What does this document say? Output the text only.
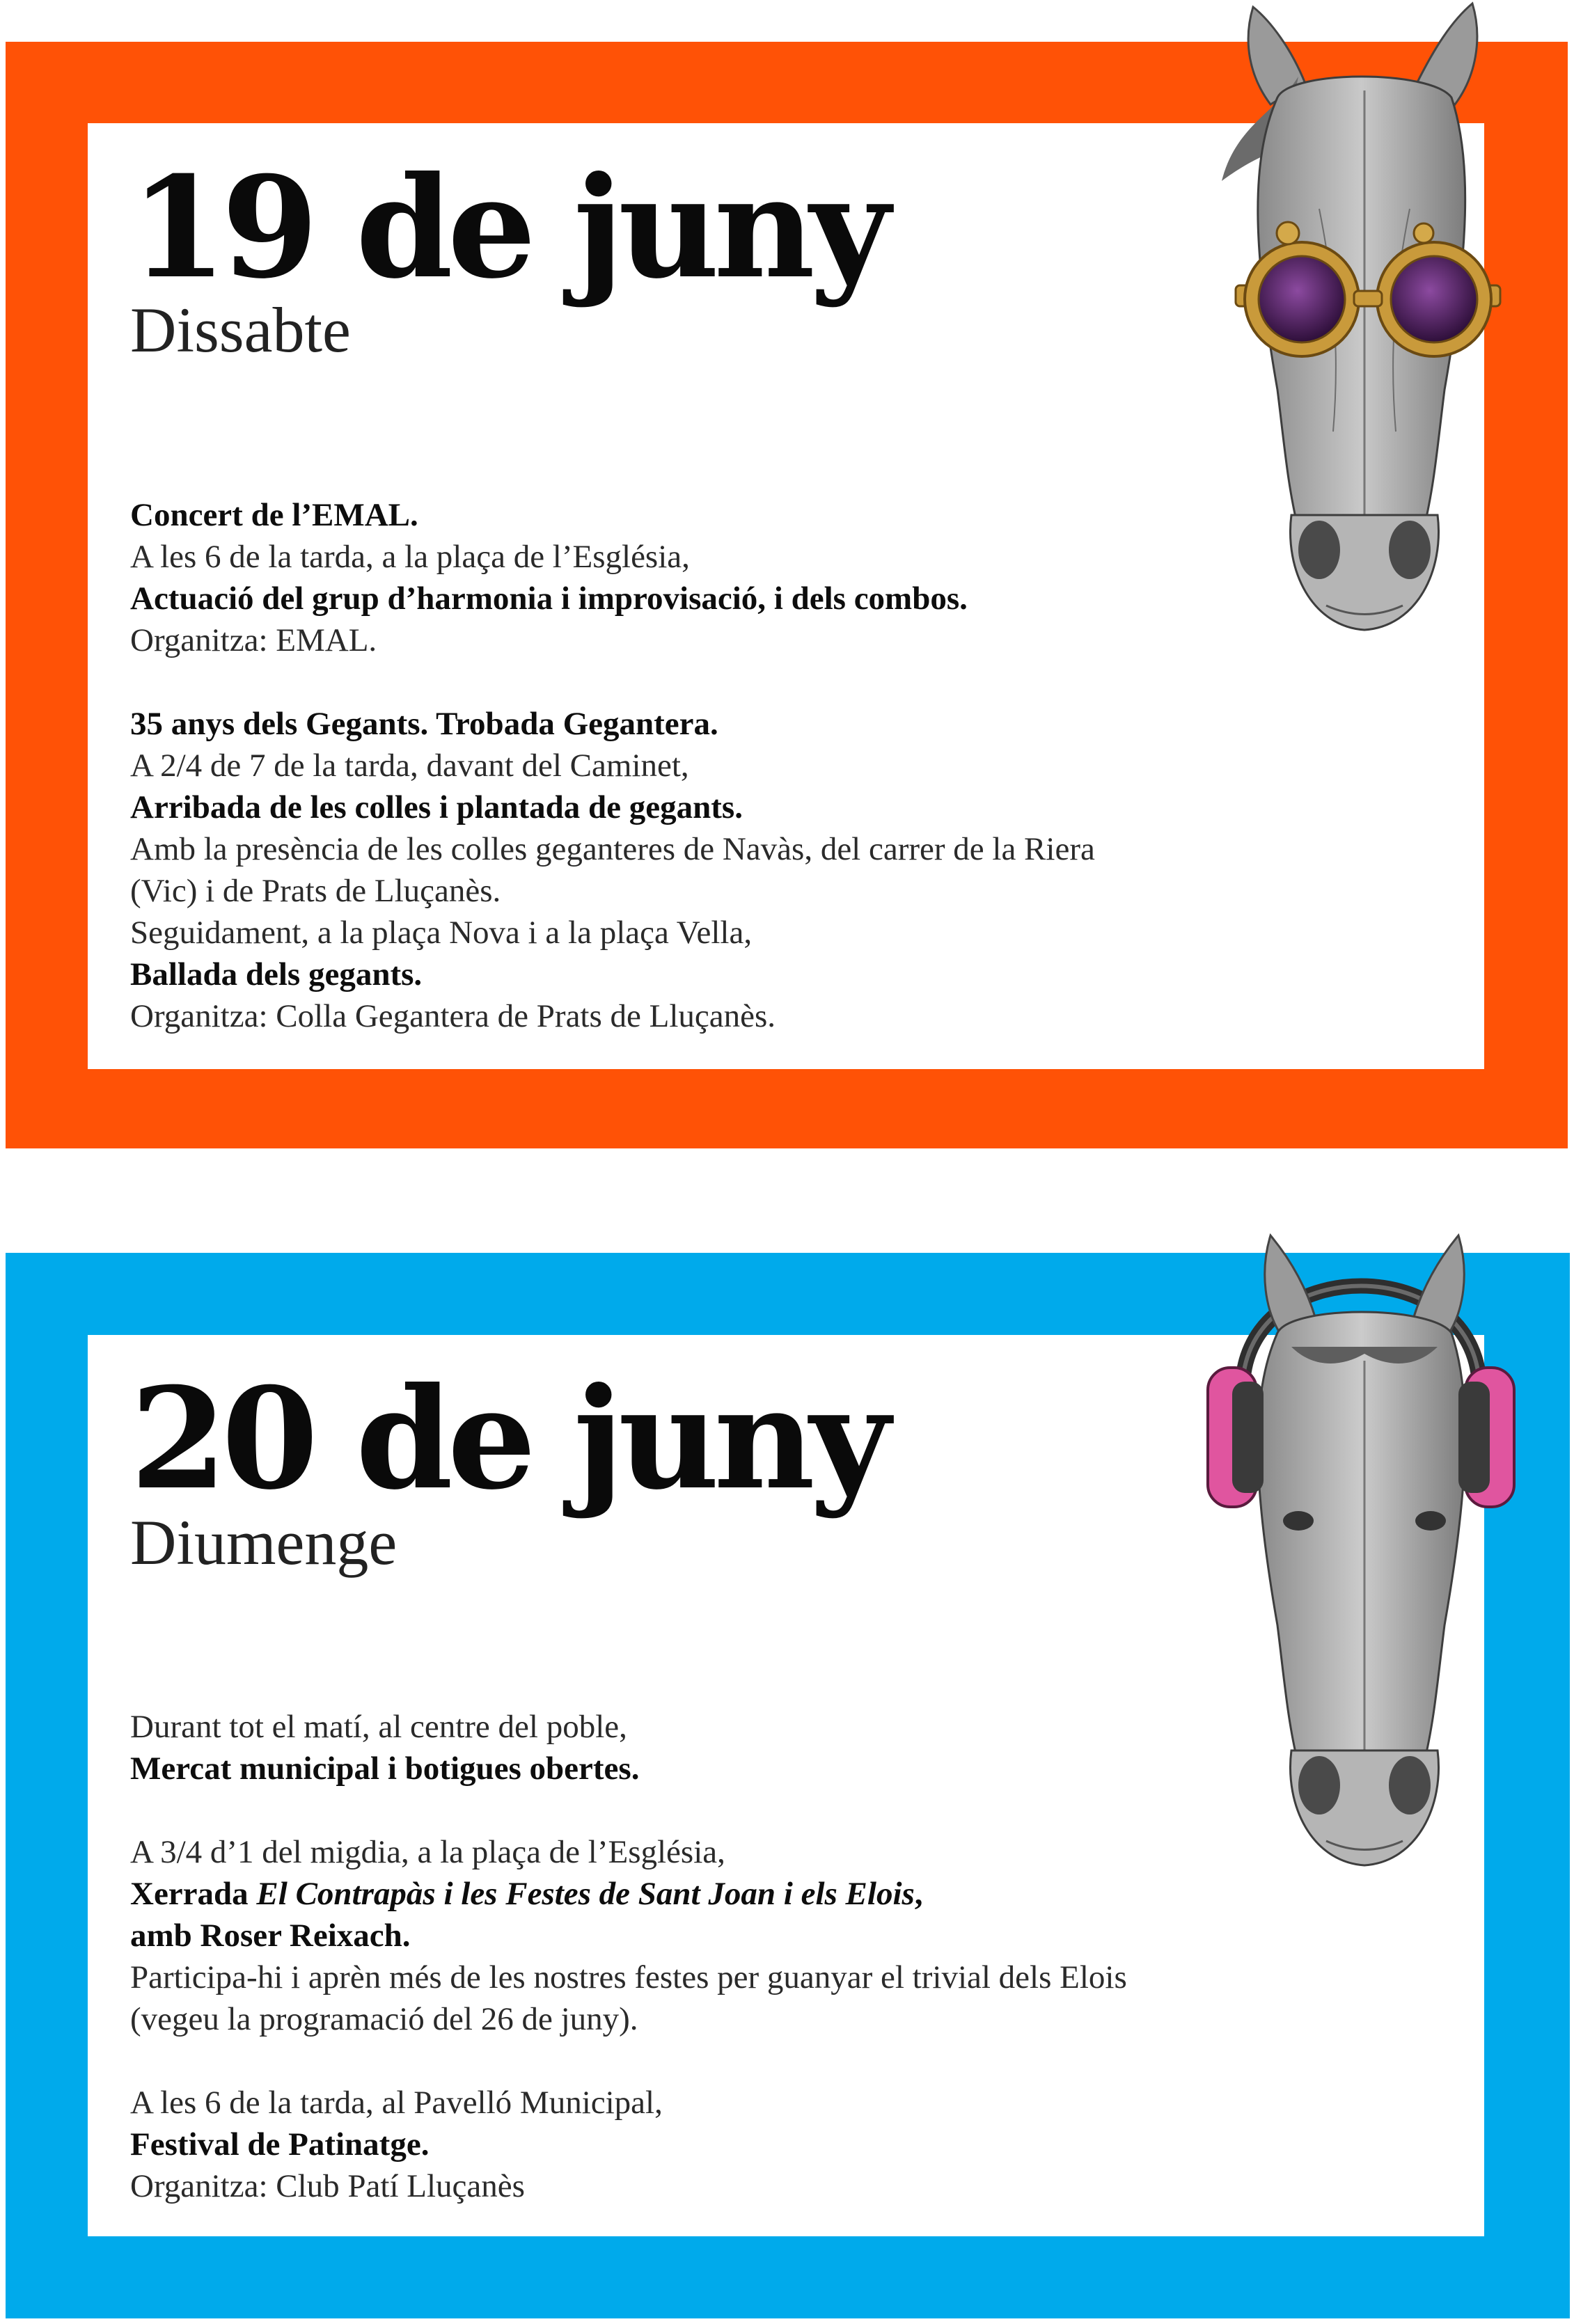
19 de juny
Dissabte
Concert de l’EMAL.
A les 6 de la tarda, a la plaça de l’Església,
Actuació del grup d’harmonia i improvisació, i dels combos.
Organitza: EMAL.
35 anys dels Gegants. Trobada Gegantera.
A 2/4 de 7 de la tarda, davant del Caminet,
Arribada de les colles i plantada de gegants.
Amb la presència de les colles geganteres de Navàs, del carrer de la Riera
(Vic) i de Prats de Lluçanès.
Seguidament, a la plaça Nova i a la plaça Vella,
Ballada dels gegants.
Organitza: Colla Gegantera de Prats de Lluçanès.
20 de juny
Diumenge
Durant tot el matí, al centre del poble,
Mercat municipal i botigues obertes.
A 3/4 d’1 del migdia, a la plaça de l’Església,
Xerrada El Contrapàs i les Festes de Sant Joan i els Elois,
amb Roser Reixach.
Participa-hi i aprèn més de les nostres festes per guanyar el trivial dels Elois
(vegeu la programació del 26 de juny).
A les 6 de la tarda, al Pavelló Municipal,
Festival de Patinatge.
Organitza: Club Patí Lluçanès
